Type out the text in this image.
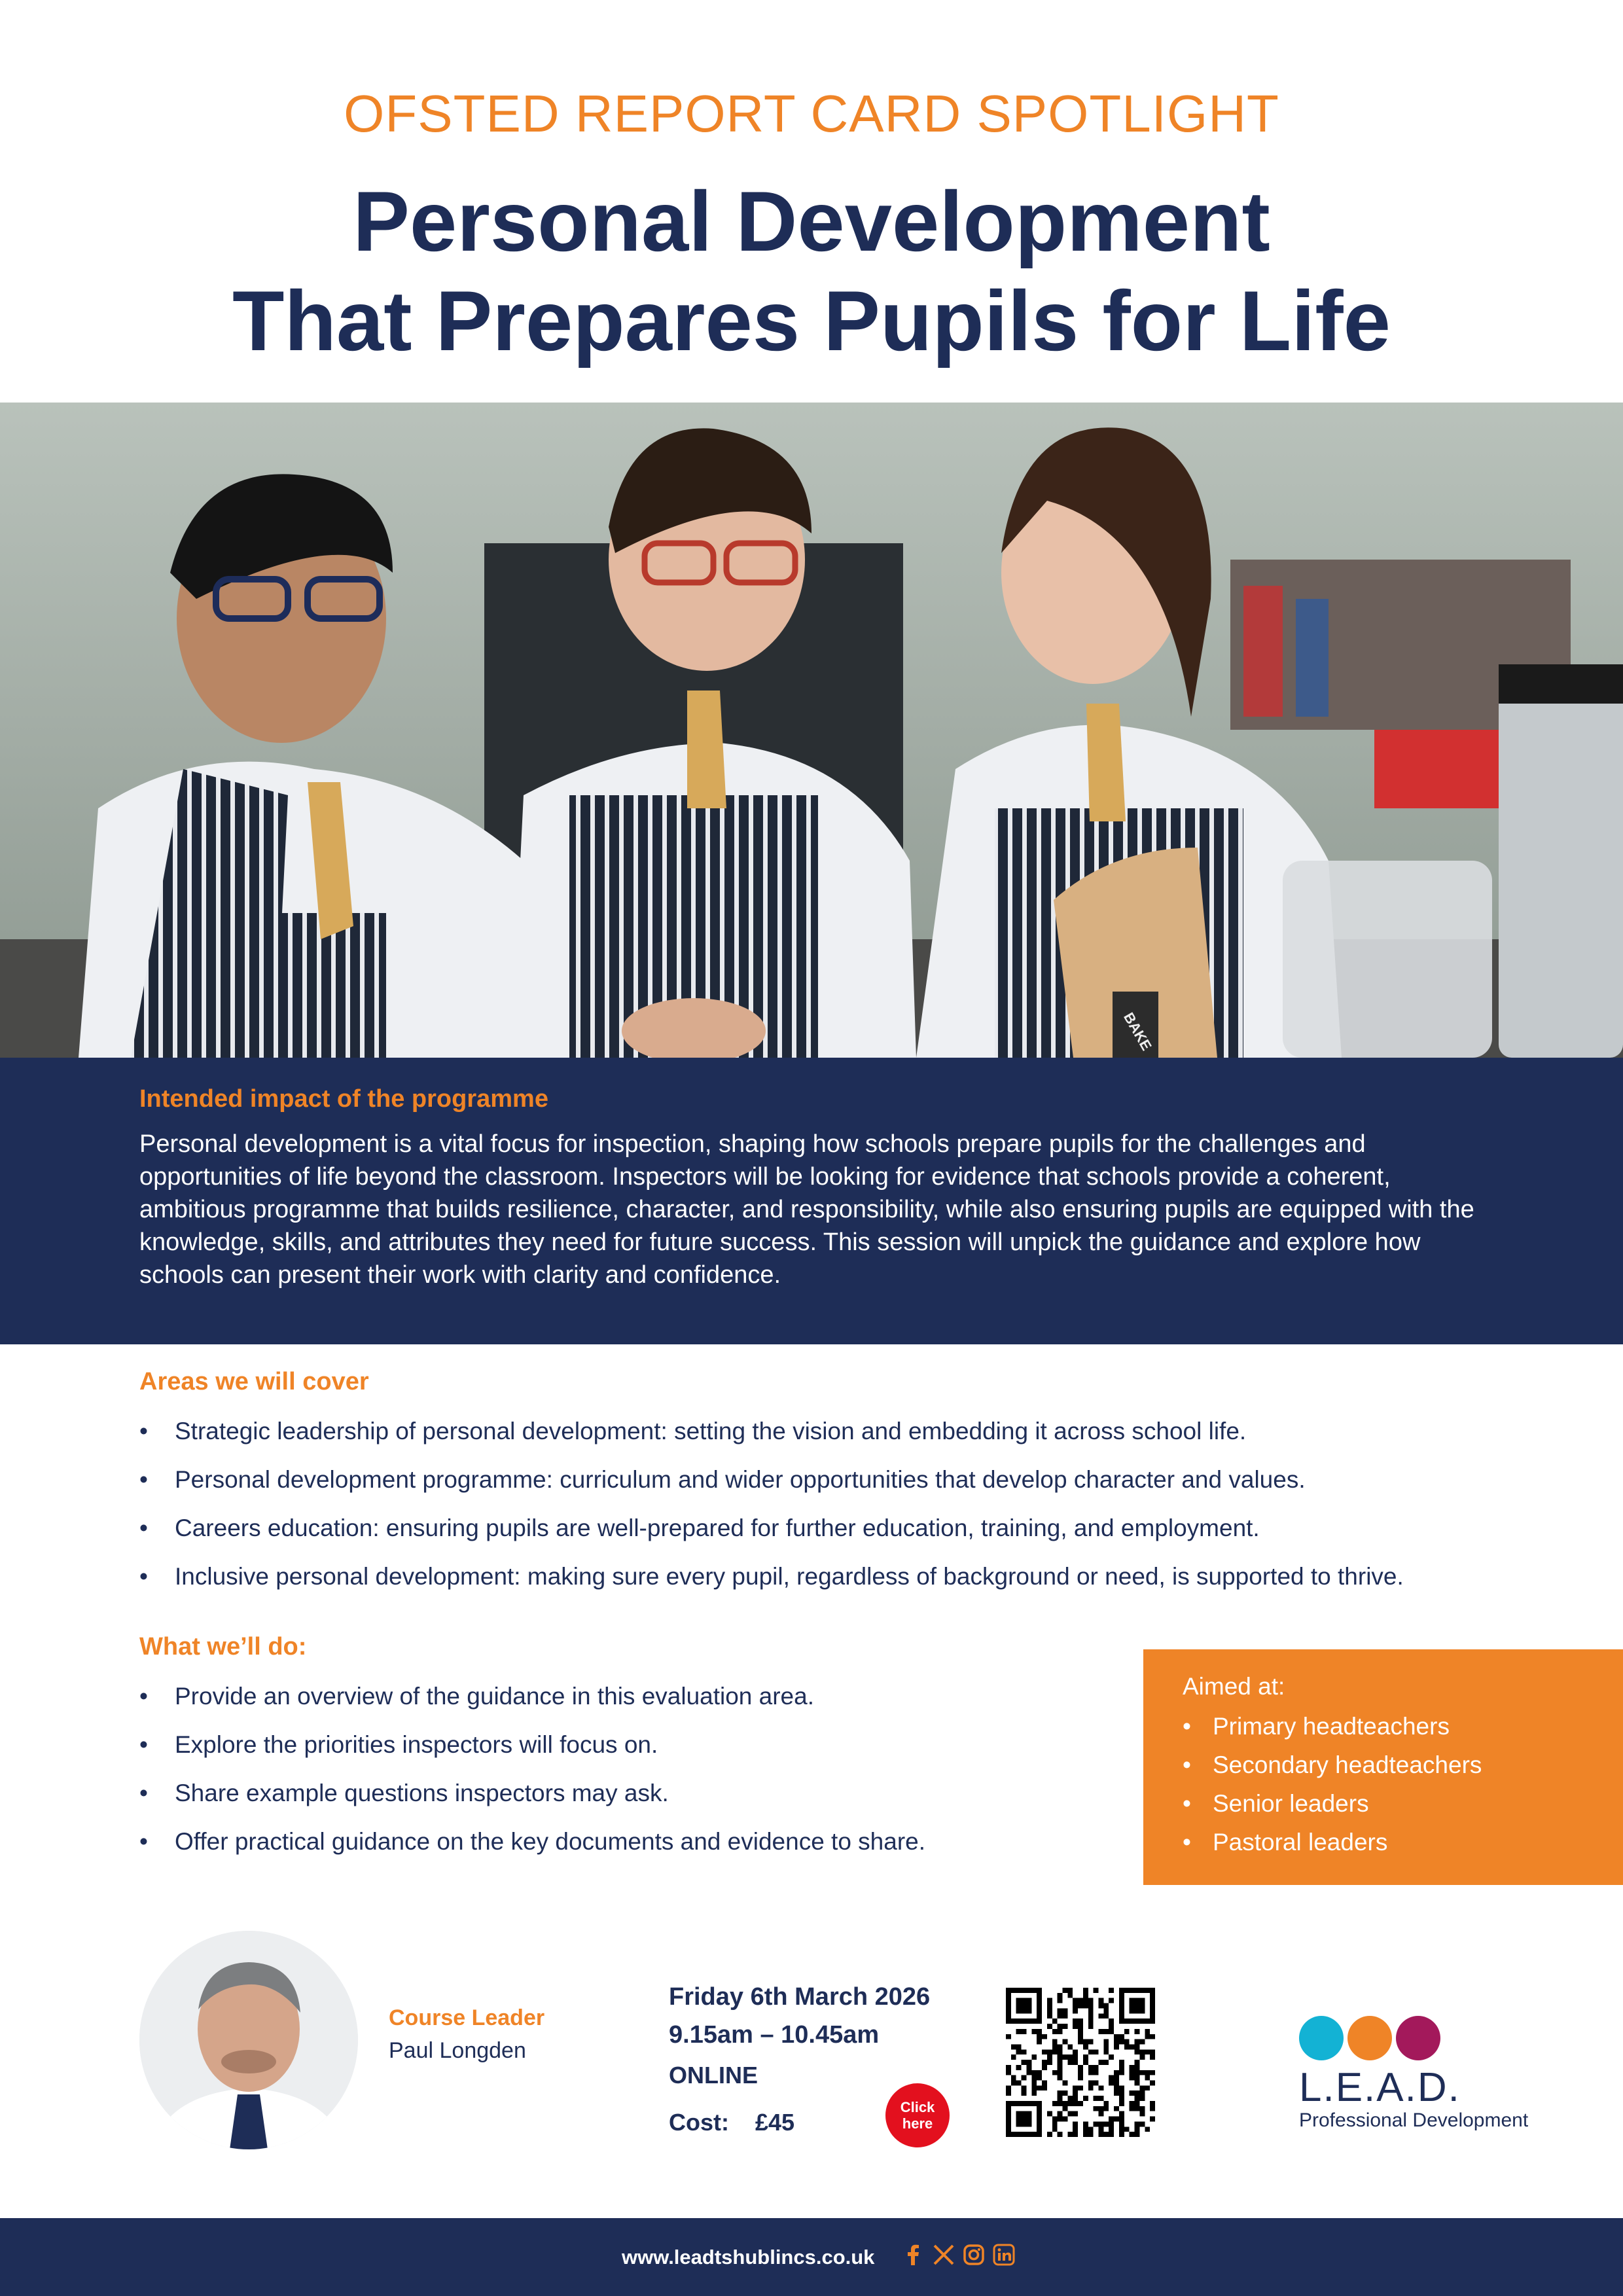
OFSTED REPORT CARD SPOTLIGHT
Personal Development
That Prepares Pupils for Life
BAKE
Intended impact of the programme

Personal development is a vital focus for inspection, shaping how schools prepare pupils for the challenges and opportunities of life beyond the classroom. Inspectors will be looking for evidence that schools provide a coherent, ambitious programme that builds resilience, character, and responsibility, while also ensuring pupils are equipped with the knowledge, skills, and attributes they need for future success. This session will unpick the guidance and explore how schools can present their work with clarity and confidence.

Areas we will cover
• Strategic leadership of personal development: setting the vision and embedding it across school life.
• Personal development programme: curriculum and wider opportunities that develop character and values.
• Careers education: ensuring pupils are well-prepared for further education, training, and employment.
• Inclusive personal development: making sure every pupil, regardless of background or need, is supported to thrive.
What we’ll do:
• Provide an overview of the guidance in this evaluation area.
• Explore the priorities inspectors will focus on.
• Share example questions inspectors may ask.
• Offer practical guidance on the key documents and evidence to share.
Aimed at:
• Primary headteachers
• Secondary headteachers
• Senior leaders
• Pastoral leaders
Course Leader
Paul Longden
Friday 6th March 2026
9.15am – 10.45am
ONLINE
Cost: £45
Click
here
L.E.A.D.
Professional Development
www.leadtshublincs.co.uk
